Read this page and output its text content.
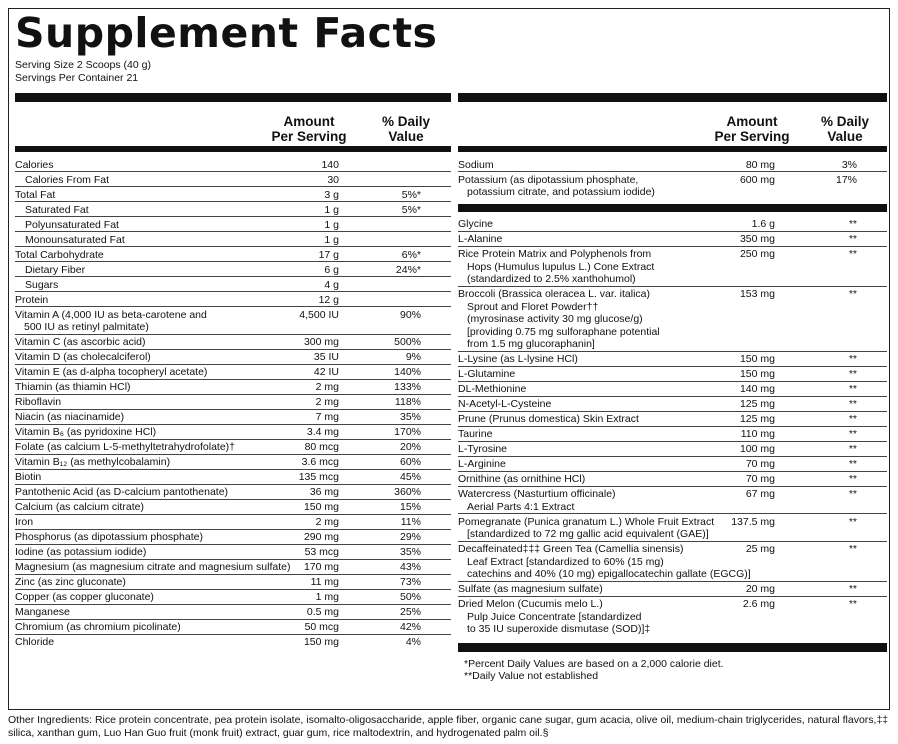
Supplement Facts
Serving Size 2 Scoops (40 g)
Servings Per Container 21
Amount
Per Serving
% Daily
Value
Calories	140
Calories From Fat	30
Total Fat	3 g	5%*
Saturated Fat	1 g	5%*
Polyunsaturated Fat	1 g
Monounsaturated Fat	1 g
Total Carbohydrate	17 g	6%*
Dietary Fiber	6 g	24%*
Sugars	4 g
Protein	12 g
Vitamin A (4,000 IU as beta-carotene and
500 IU as retinyl palmitate)
4,500 IU	90%
Vitamin C (as ascorbic acid)	300 mg	500%
Vitamin D (as cholecalciferol)	35 IU	9%
Vitamin E (as d-alpha tocopheryl acetate)	42 IU	140%
Thiamin (as thiamin HCl)	2 mg	133%
Riboflavin	2 mg	118%
Niacin (as niacinamide)	7 mg	35%
Vitamin B₆ (as pyridoxine HCl)	3.4 mg	170%
Folate (as calcium L-5-methyltetrahydrofolate)†	80 mcg	20%
Vitamin B₁₂ (as methylcobalamin)	3.6 mcg	60%
Biotin	135 mcg	45%
Pantothenic Acid (as D-calcium pantothenate)	36 mg	360%
Calcium (as calcium citrate)	150 mg	15%
Iron	2 mg	11%
Phosphorus (as dipotassium phosphate)	290 mg	29%
Iodine (as potassium iodide)	53 mcg	35%
Magnesium (as magnesium citrate and magnesium sulfate)	170 mg	43%
Zinc (as zinc gluconate)	11 mg	73%
Copper (as copper gluconate)	1 mg	50%
Manganese	0.5 mg	25%
Chromium (as chromium picolinate)	50 mcg	42%
Chloride	150 mg	4%
Amount
Per Serving
% Daily
Value
Sodium	80 mg	3%
Potassium (as dipotassium phosphate,
potassium citrate, and potassium iodide)
600 mg	17%
Glycine	1.6 g	**
L-Alanine	350 mg	**
Rice Protein Matrix and Polyphenols from
Hops (Humulus lupulus L.) Cone Extract
(standardized to 2.5% xanthohumol)
250 mg	**
Broccoli (Brassica oleracea L. var. italica)
Sprout and Floret Powder††
(myrosinase activity 30 mg glucose/g)
[providing 0.75 mg sulforaphane potential
from 1.5 mg glucoraphanin]
153 mg	**
L-Lysine (as L-lysine HCl)	150 mg	**
L-Glutamine	150 mg	**
DL-Methionine	140 mg	**
N-Acetyl-L-Cysteine	125 mg	**
Prune (Prunus domestica) Skin Extract	125 mg	**
Taurine	110 mg	**
L-Tyrosine	100 mg	**
L-Arginine	70 mg	**
Ornithine (as ornithine HCl)	70 mg	**
Watercress (Nasturtium officinale)
Aerial Parts 4:1 Extract
67 mg	**
Pomegranate (Punica granatum L.) Whole Fruit Extract
[standardized to 72 mg gallic acid equivalent (GAE)]
137.5 mg	**
Decaffeinated‡‡‡ Green Tea (Camellia sinensis)
Leaf Extract [standardized to 60% (15 mg)
catechins and 40% (10 mg) epigallocatechin gallate (EGCG)]
25 mg	**
Sulfate (as magnesium sulfate)	20 mg	**
Dried Melon (Cucumis melo L.)
Pulp Juice Concentrate [standardized
to 35 IU superoxide dismutase (SOD)]‡
2.6 mg	**
*Percent Daily Values are based on a 2,000 calorie diet.
**Daily Value not established
Other Ingredients: Rice protein concentrate, pea protein isolate, isomalto-oligosaccharide, apple fiber, organic cane sugar, gum acacia, olive oil, medium-chain triglycerides, natural flavors,‡‡ silica, xanthan gum, Luo Han Guo fruit (monk fruit) extract, guar gum, rice maltodextrin, and hydrogenated palm oil.§
